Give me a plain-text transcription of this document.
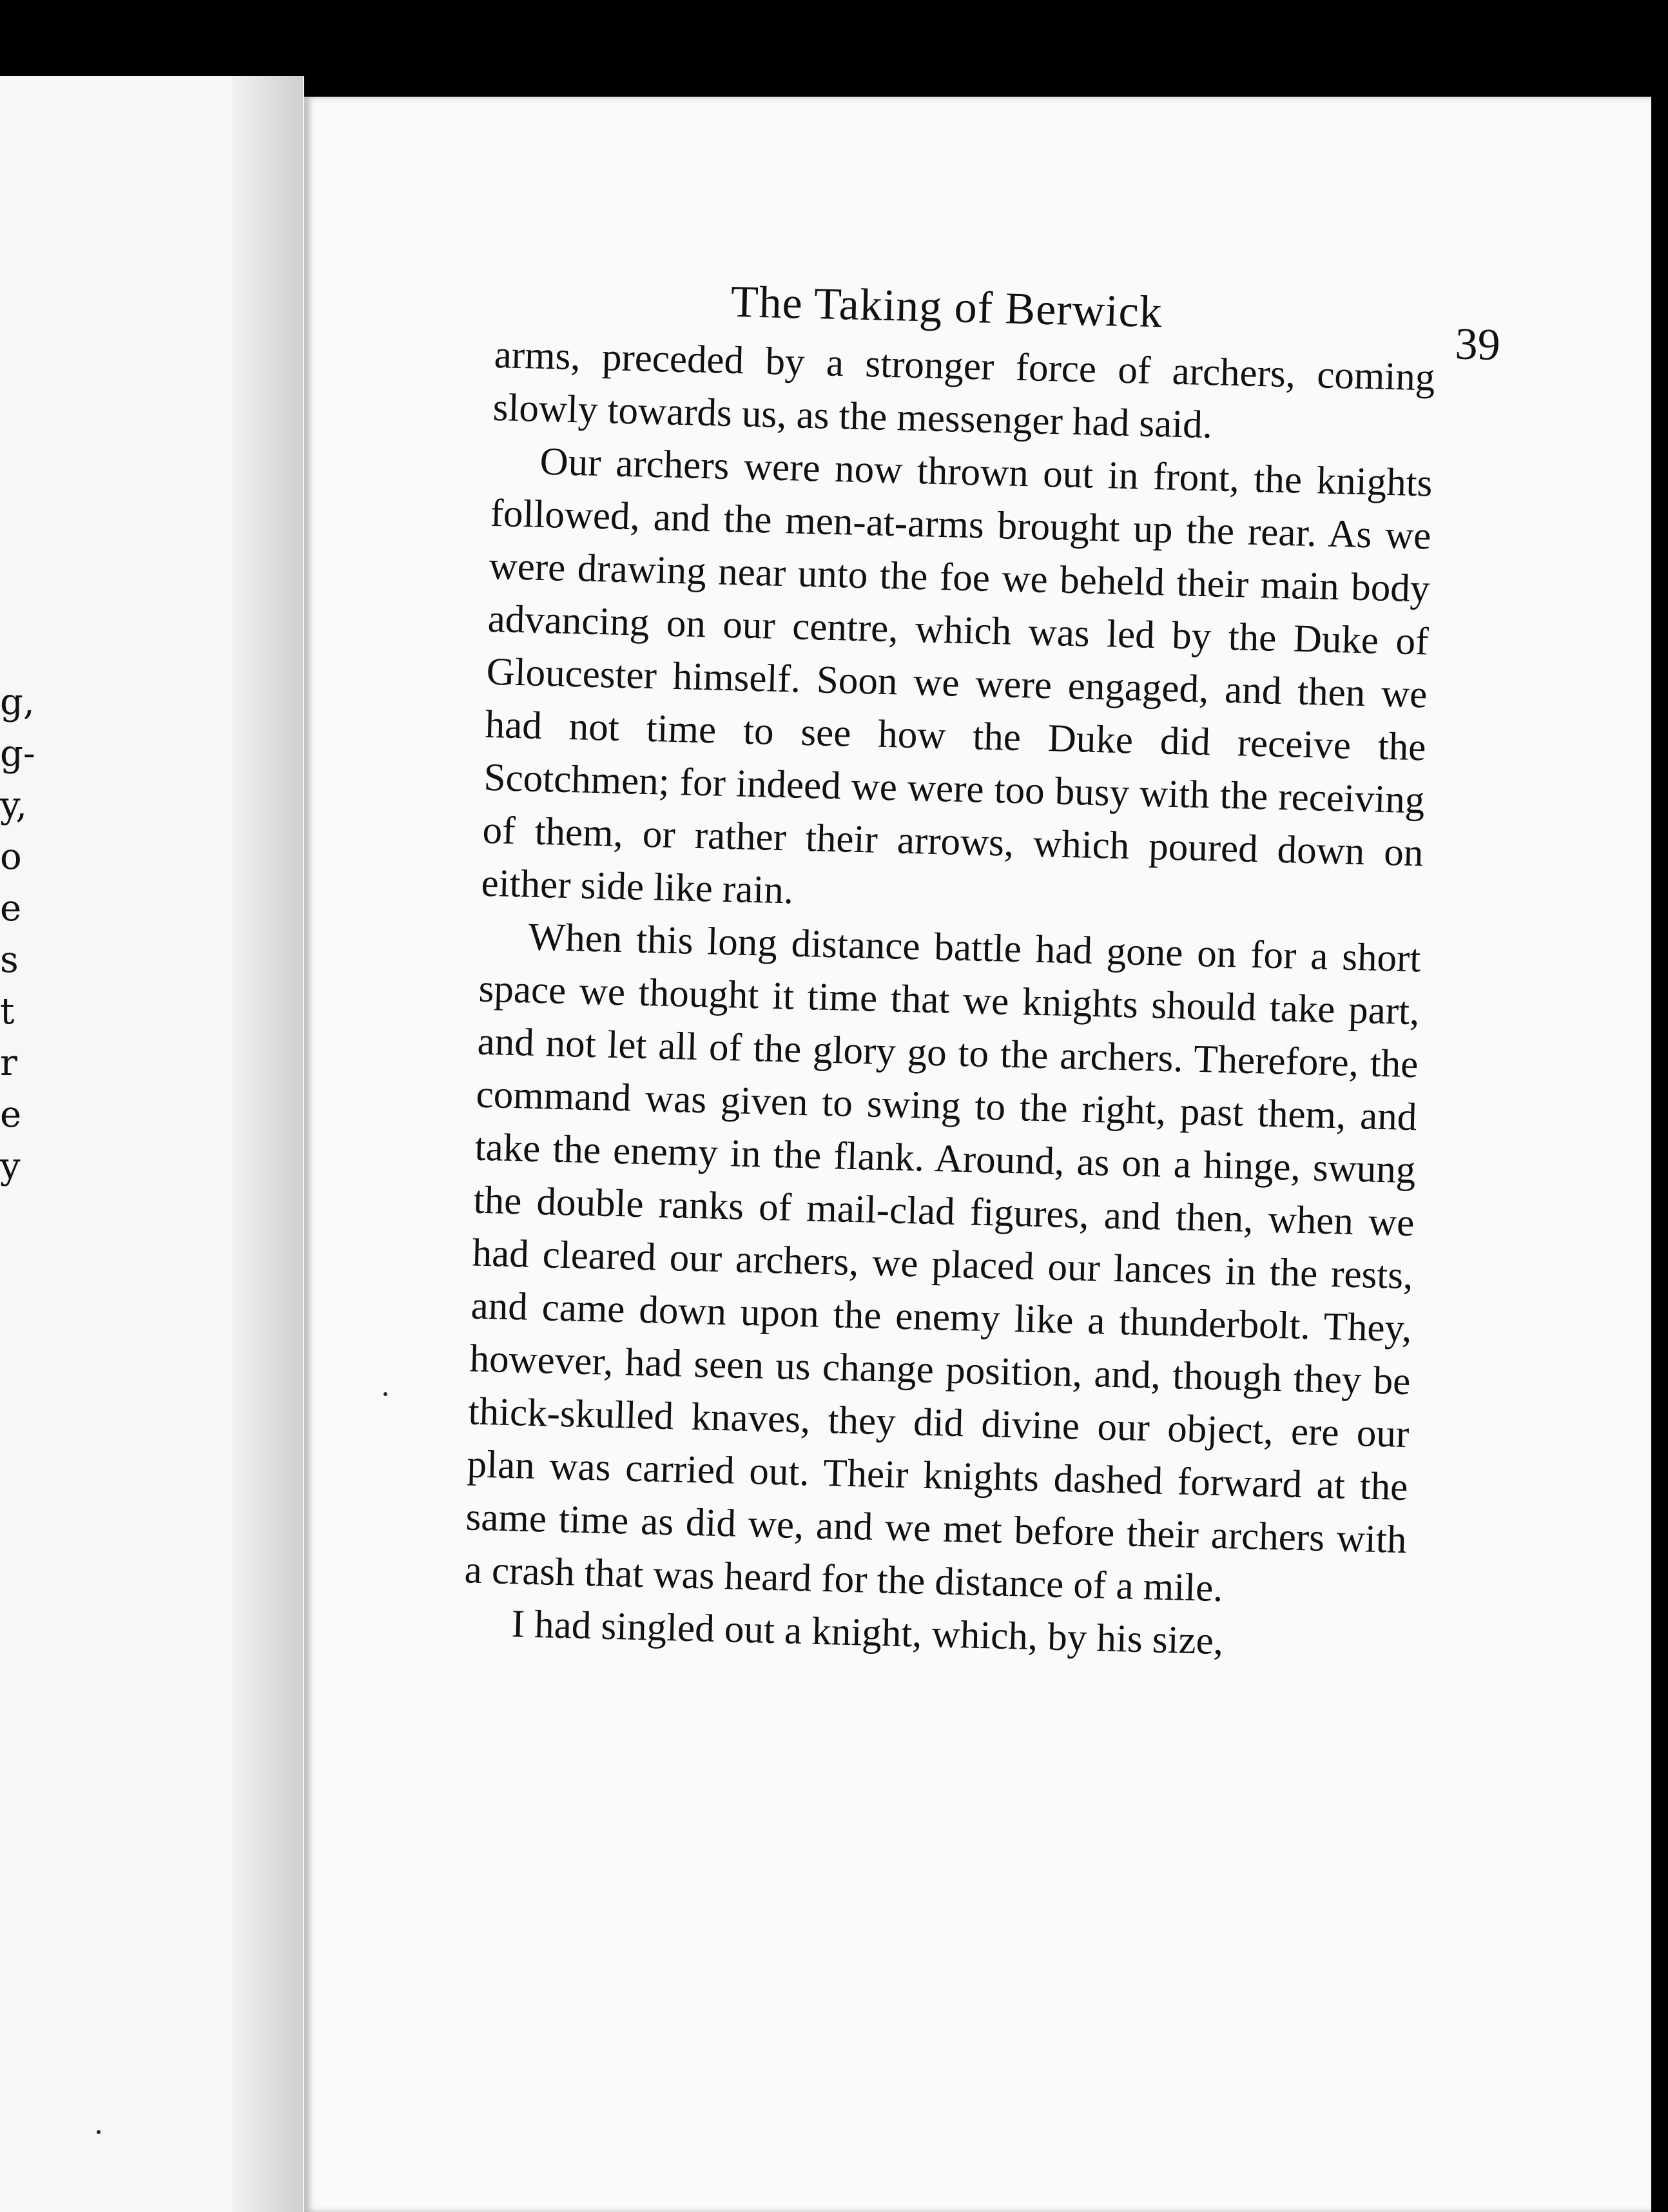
g,
g-
y,
o
e
s
t
r
e
y
The Taking of Berwick
39

arms, preceded by a stronger force of archers, coming slowly towards us, as the messenger had said.

Our archers were now thrown out in front, the knights followed, and the men-at-arms brought up the rear. As we were drawing near unto the foe we beheld their main body advancing on our centre, which was led by the Duke of Gloucester himself. Soon we were engaged, and then we had not time to see how the Duke did receive the Scotchmen; for indeed we were too busy with the receiving of them, or rather their arrows, which poured down on either side like rain.

When this long distance battle had gone on for a short space we thought it time that we knights should take part, and not let all of the glory go to the archers. Therefore, the command was given to swing to the right, past them, and take the enemy in the flank. Around, as on a hinge, swung the double ranks of mail-clad figures, and then, when we had cleared our archers, we placed our lances in the rests, and came down upon the enemy like a thunderbolt. They, however, had seen us change position, and, though they be thick-skulled knaves, they did divine our object, ere our plan was carried out. Their knights dashed forward at the same time as did we, and we met before their archers with a crash that was heard for the distance of a mile.

I had singled out a knight, which, by his size,
